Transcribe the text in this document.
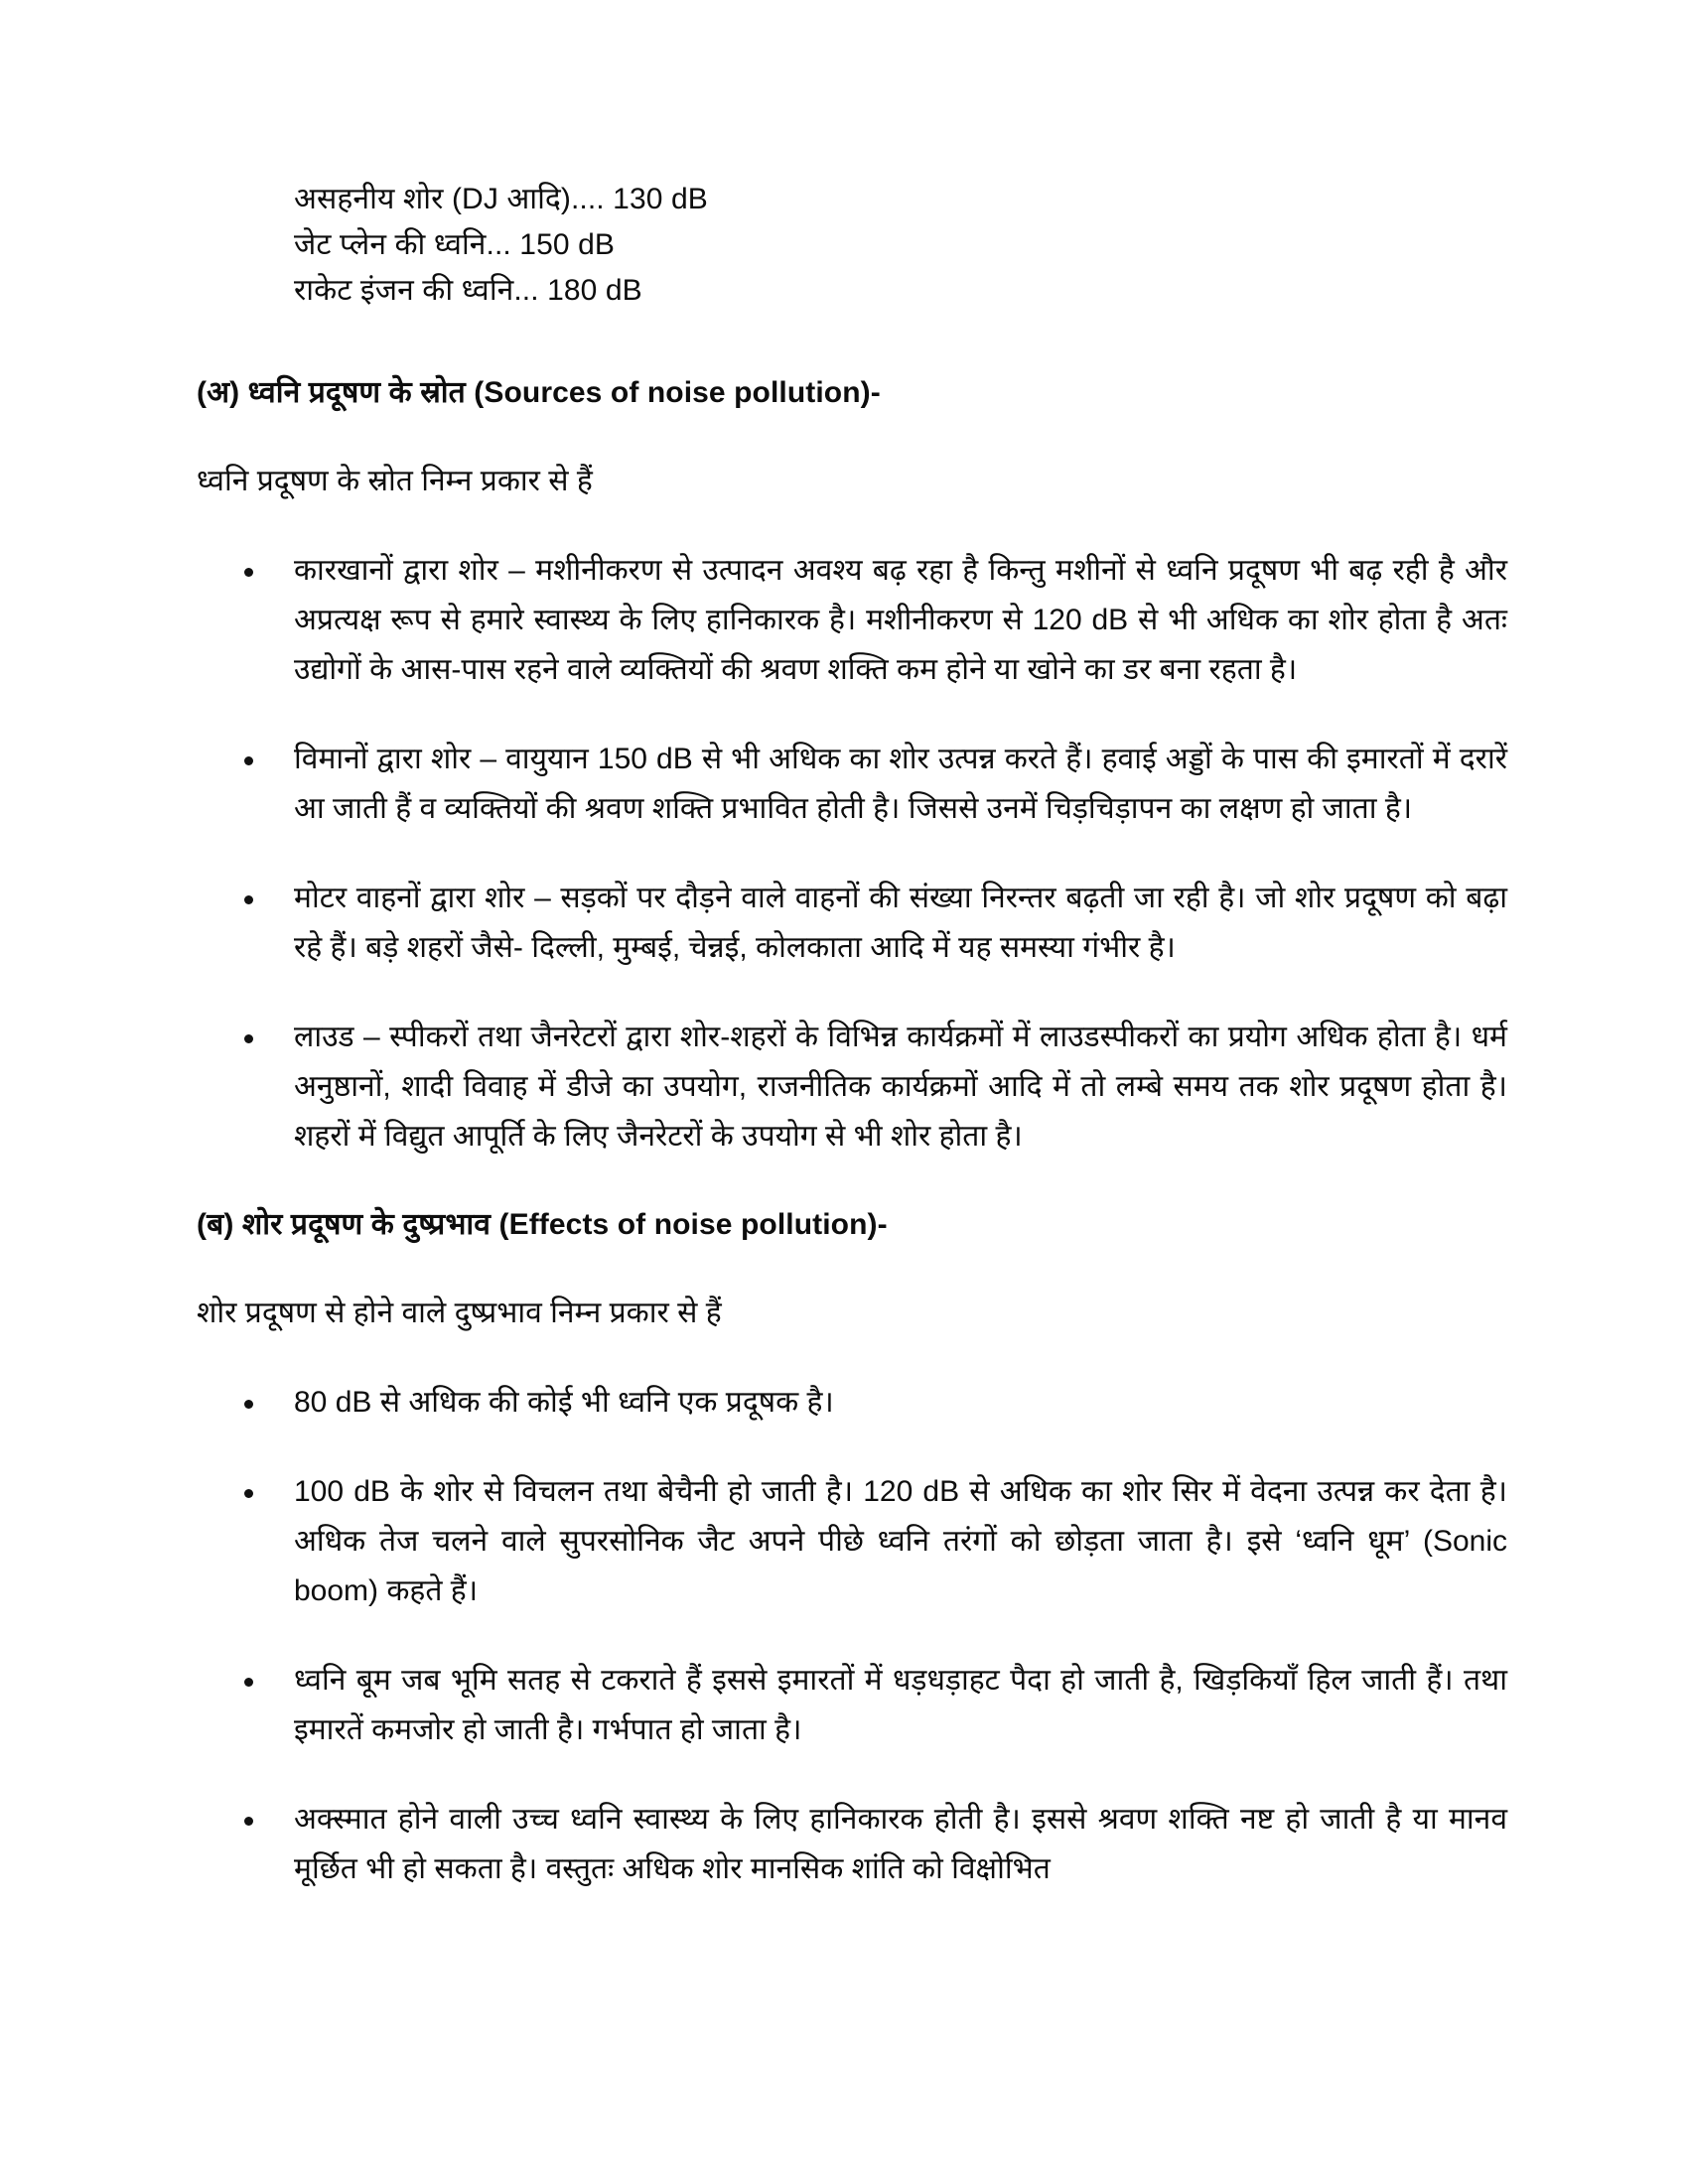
असहनीय शोर (DJ आदि).... 130 dB
जेट प्लेन की ध्वनि... 150 dB
राकेट इंजन की ध्वनि... 180 dB
(अ) ध्वनि प्रदूषण के स्रोत (Sources of noise pollution)-

ध्वनि प्रदूषण के स्रोत निम्न प्रकार से हैं

कारखानों द्वारा शोर – मशीनीकरण से उत्पादन अवश्य बढ़ रहा है किन्तु मशीनों से ध्वनि प्रदूषण भी बढ़ रही है और अप्रत्यक्ष रूप से हमारे स्वास्थ्य के लिए हानिकारक है। मशीनीकरण से 120 dB से भी अधिक का शोर होता है अतः उद्योगों के आस-पास रहने वाले व्यक्तियों की श्रवण शक्ति कम होने या खोने का डर बना रहता है।
विमानों द्वारा शोर – वायुयान 150 dB से भी अधिक का शोर उत्पन्न करते हैं। हवाई अड्डों के पास की इमारतों में दरारें आ जाती हैं व व्यक्तियों की श्रवण शक्ति प्रभावित होती है। जिससे उनमें चिड़चिड़ापन का लक्षण हो जाता है।
मोटर वाहनों द्वारा शोर – सड़कों पर दौड़ने वाले वाहनों की संख्या निरन्तर बढ़ती जा रही है। जो शोर प्रदूषण को बढ़ा रहे हैं। बड़े शहरों जैसे- दिल्ली, मुम्बई, चेन्नई, कोलकाता आदि में यह समस्या गंभीर है।
लाउड – स्पीकरों तथा जैनरेटरों द्वारा शोर-शहरों के विभिन्न कार्यक्रमों में लाउडस्पीकरों का प्रयोग अधिक होता है। धर्म अनुष्ठानों, शादी विवाह में डीजे का उपयोग, राजनीतिक कार्यक्रमों आदि में तो लम्बे समय तक शोर प्रदूषण होता है। शहरों में विद्युत आपूर्ति के लिए जैनरेटरों के उपयोग से भी शोर होता है।
(ब) शोर प्रदूषण के दुष्प्रभाव (Effects of noise pollution)-

शोर प्रदूषण से होने वाले दुष्प्रभाव निम्न प्रकार से हैं

80 dB से अधिक की कोई भी ध्वनि एक प्रदूषक है।
100 dB के शोर से विचलन तथा बेचैनी हो जाती है। 120 dB से अधिक का शोर सिर में वेदना उत्पन्न कर देता है। अधिक तेज चलने वाले सुपरसोनिक जैट अपने पीछे ध्वनि तरंगों को छोड़ता जाता है। इसे ‘ध्वनि धूम’ (Sonic boom) कहते हैं।
ध्वनि बूम जब भूमि सतह से टकराते हैं इससे इमारतों में धड़धड़ाहट पैदा हो जाती है, खिड़कियाँ हिल जाती हैं। तथा इमारतें कमजोर हो जाती है। गर्भपात हो जाता है।
अक्स्मात होने वाली उच्च ध्वनि स्वास्थ्य के लिए हानिकारक होती है। इससे श्रवण शक्ति नष्ट हो जाती है या मानव मूर्छित भी हो सकता है। वस्तुतः अधिक शोर मानसिक शांति को विक्षोभित
